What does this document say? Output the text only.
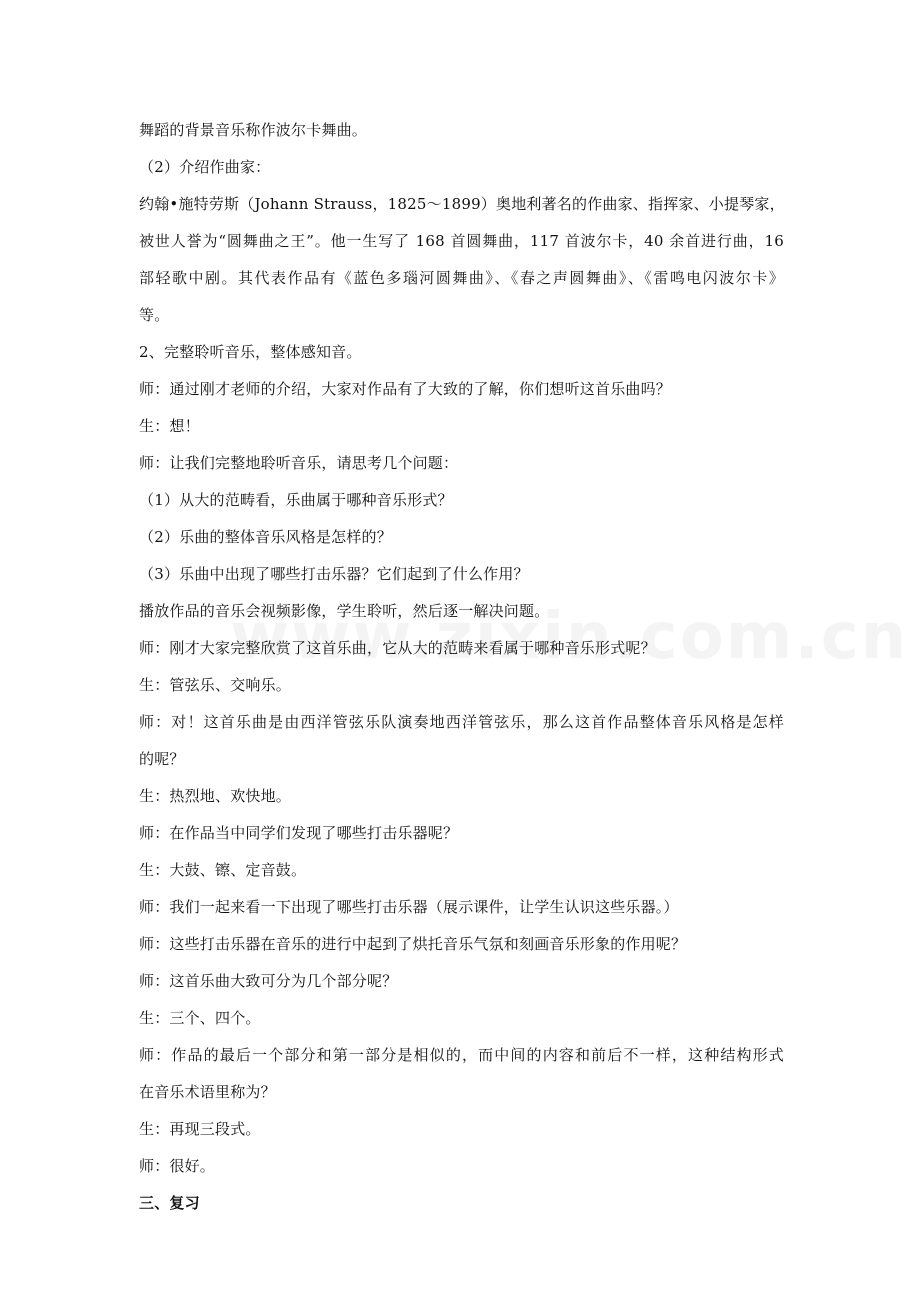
舞蹈的背景音乐称作波尔卡舞曲。
（2）介绍作曲家：
约翰•施特劳斯（Johann Strauss，1825～1899）奥地利著名的作曲家、指挥家、小提琴家，
被世人誉为“圆舞曲之王”。他一生写了 168 首圆舞曲，117 首波尔卡，40 余首进行曲，16
部轻歌中剧。其代表作品有《蓝色多瑙河圆舞曲》、《春之声圆舞曲》、《雷鸣电闪波尔卡》
等。
2、完整聆听音乐，整体感知音。
师：通过刚才老师的介绍，大家对作品有了大致的了解，你们想听这首乐曲吗？
生：想！
师：让我们完整地聆听音乐，请思考几个问题：
（1）从大的范畴看，乐曲属于哪种音乐形式？
（2）乐曲的整体音乐风格是怎样的？
（3）乐曲中出现了哪些打击乐器？它们起到了什么作用？
播放作品的音乐会视频影像，学生聆听，然后逐一解决问题。
师：刚才大家完整欣赏了这首乐曲，它从大的范畴来看属于哪种音乐形式呢？
生：管弦乐、交响乐。
师：对！这首乐曲是由西洋管弦乐队演奏地西洋管弦乐，那么这首作品整体音乐风格是怎样
的呢？
生：热烈地、欢快地。
师：在作品当中同学们发现了哪些打击乐器呢？
生：大鼓、镲、定音鼓。
师：我们一起来看一下出现了哪些打击乐器（展示课件，让学生认识这些乐器。）
师：这些打击乐器在音乐的进行中起到了烘托音乐气氛和刻画音乐形象的作用呢？
师：这首乐曲大致可分为几个部分呢？
生：三个、四个。
师：作品的最后一个部分和第一部分是相似的，而中间的内容和前后不一样，这种结构形式
在音乐术语里称为？
生：再现三段式。
师：很好。
三、复习
